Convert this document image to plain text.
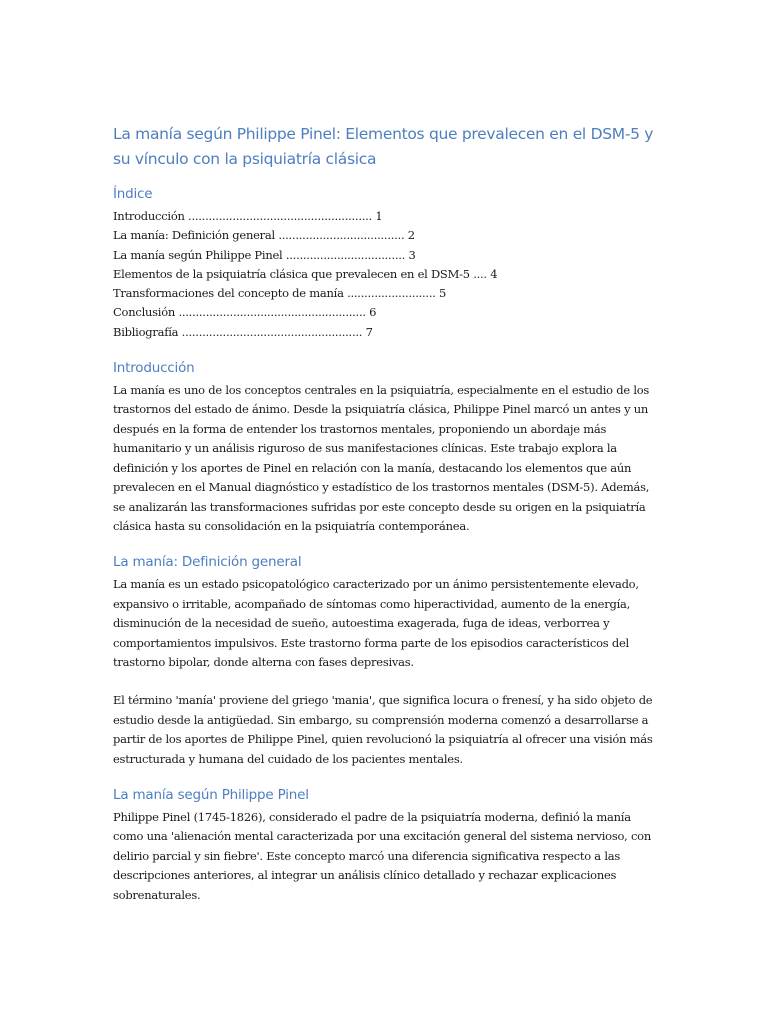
La manía según Philippe Pinel: Elementos que prevalecen en el DSM-5 y su vínculo con la psiquiatría clásica
Índice
Introducción ...................................................... 1
La manía: Definición general ..................................... 2
La manía según Philippe Pinel ................................... 3
Elementos de la psiquiatría clásica que prevalecen en el DSM-5 .... 4
Transformaciones del concepto de manía .......................... 5
Conclusión ....................................................... 6
Bibliografía ..................................................... 7
Introducción

La manía es uno de los conceptos centrales en la psiquiatría, especialmente en el estudio de los trastornos del estado de ánimo. Desde la psiquiatría clásica, Philippe Pinel marcó un antes y un después en la forma de entender los trastornos mentales, proponiendo un abordaje más humanitario y un análisis riguroso de sus manifestaciones clínicas. Este trabajo explora la definición y los aportes de Pinel en relación con la manía, destacando los elementos que aún prevalecen en el Manual diagnóstico y estadístico de los trastornos mentales (DSM-5). Además, se analizarán las transformaciones sufridas por este concepto desde su origen en la psiquiatría clásica hasta su consolidación en la psiquiatría contemporánea.

La manía: Definición general

La manía es un estado psicopatológico caracterizado por un ánimo persistentemente elevado, expansivo o irritable, acompañado de síntomas como hiperactividad, aumento de la energía, disminución de la necesidad de sueño, autoestima exagerada, fuga de ideas, verborrea y comportamientos impulsivos. Este trastorno forma parte de los episodios característicos del trastorno bipolar, donde alterna con fases depresivas.

El término 'manía' proviene del griego 'mania', que significa locura o frenesí, y ha sido objeto de estudio desde la antigüedad. Sin embargo, su comprensión moderna comenzó a desarrollarse a partir de los aportes de Philippe Pinel, quien revolucionó la psiquiatría al ofrecer una visión más estructurada y humana del cuidado de los pacientes mentales.

La manía según Philippe Pinel

Philippe Pinel (1745-1826), considerado el padre de la psiquiatría moderna, definió la manía como una 'alienación mental caracterizada por una excitación general del sistema nervioso, con delirio parcial y sin fiebre'. Este concepto marcó una diferencia significativa respecto a las descripciones anteriores, al integrar un análisis clínico detallado y rechazar explicaciones sobrenaturales.
